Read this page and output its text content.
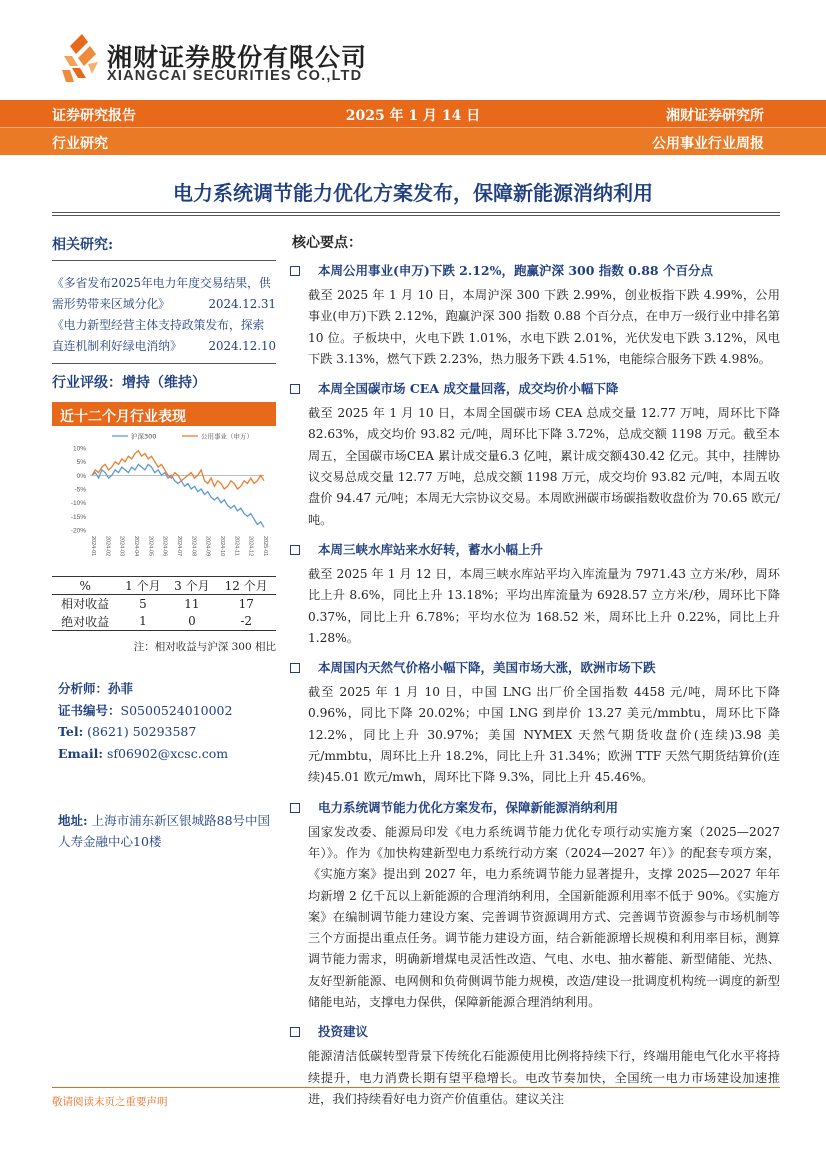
湘财证券股份有限公司
XIANGCAI SECURITIES CO.,LTD
证券研究报告	2025 年 1 月 14 日	湘财证券研究所
行业研究	公用事业行业周报
电力系统调节能力优化方案发布，保障新能源消纳利用
相关研究:
《多省发布2025年电力年度交易结果，供需形势带来区域分化》	2024.12.31
《电力新型经营主体支持政策发布，探索直连机制利好绿电消纳》 2024.12.10
行业评级：增持（维持）
近十二个月行业表现
10%
5%
0%
-5%
-10%
-15%
-20%
2024-01 2024-02 2024-03 2024-04 2024-05 2024-06 2024-07 2024-08 2024-09 2024-10 2024-11 2024-12 2025-01
沪深300	公用事业（申万）
%	1 个月	3 个月	12 个月
相对收益	5	11	17
绝对收益	1	0	-2
注：相对收益与沪深 300 相比
分析师：孙菲
证书编号：S0500524010002
Tel: (8621) 50293587
Email: sf06902@xcsc.com
地址: 上海市浦东新区银城路88号中国人寿金融中心10楼
核心要点：
本周公用事业(申万)下跌 2.12%，跑赢沪深 300 指数 0.88 个百分点
截至 2025 年 1 月 10 日，本周沪深 300 下跌 2.99%，创业板指下跌 4.99%，公用事业(申万)下跌 2.12%，跑赢沪深 300 指数 0.88 个百分点，在申万一级行业中排名第 10 位。子板块中，火电下跌 1.01%，水电下跌 2.01%，光伏发电下跌 3.12%，风电下跌 3.13%，燃气下跌 2.23%，热力服务下跌 4.51%，电能综合服务下跌 4.98%。
本周全国碳市场 CEA 成交量回落，成交均价小幅下降
截至 2025 年 1 月 10 日，本周全国碳市场 CEA 总成交量 12.77 万吨，周环比下降 82.63%，成交均价 93.82 元/吨，周环比下降 3.72%，总成交额 1198 万元。截至本周五，全国碳市场CEA 累计成交量6.3 亿吨，累计成交额430.42 亿元。其中，挂牌协议交易总成交量 12.77 万吨，总成交额 1198 万元，成交均价 93.82 元/吨，本周五收盘价 94.47 元/吨；本周无大宗协议交易。本周欧洲碳市场碳指数收盘价为 70.65 欧元/吨。
本周三峡水库站来水好转，蓄水小幅上升
截至 2025 年 1 月 12 日，本周三峡水库站平均入库流量为 7971.43 立方米/秒，周环比上升 8.6%，同比上升 13.18%；平均出库流量为 6928.57 立方米/秒，周环比下降 0.37%，同比上升 6.78%；平均水位为 168.52 米，周环比上升 0.22%，同比上升 1.28%。
本周国内天然气价格小幅下降，美国市场大涨，欧洲市场下跌
截至 2025 年 1 月 10 日，中国 LNG 出厂价全国指数 4458 元/吨，周环比下降 0.96%，同比下降 20.02%；中国 LNG 到岸价 13.27 美元/mmbtu，周环比下降 12.2%，同比上升 30.97%；美国 NYMEX 天然气期货收盘价(连续)3.98 美元/mmbtu，周环比上升 18.2%，同比上升 31.34%；欧洲 TTF 天然气期货结算价(连续)45.01 欧元/mwh，周环比下降 9.3%，同比上升 45.46%。
电力系统调节能力优化方案发布，保障新能源消纳利用
国家发改委、能源局印发《电力系统调节能力优化专项行动实施方案（2025—2027 年）》。作为《加快构建新型电力系统行动方案（2024—2027 年）》的配套专项方案，《实施方案》提出到 2027 年，电力系统调节能力显著提升，支撑 2025—2027 年年均新增 2 亿千瓦以上新能源的合理消纳利用，全国新能源利用率不低于 90%。《实施方案》在编制调节能力建设方案、完善调节资源调用方式、完善调节资源参与市场机制等三个方面提出重点任务。调节能力建设方面，结合新能源增长规模和利用率目标，测算调节能力需求，明确新增煤电灵活性改造、气电、水电、抽水蓄能、新型储能、光热、友好型新能源、电网侧和负荷侧调节能力规模，改造/建设一批调度机构统一调度的新型储能电站，支撑电力保供，保障新能源合理消纳利用。
投资建议
能源清洁低碳转型背景下传统化石能源使用比例将持续下行，终端用能电气化水平将持续提升，电力消费长期有望平稳增长。电改节奏加快，全国统一电力市场建设加速推进，我们持续看好电力资产价值重估。建议关注
敬请阅读末页之重要声明
